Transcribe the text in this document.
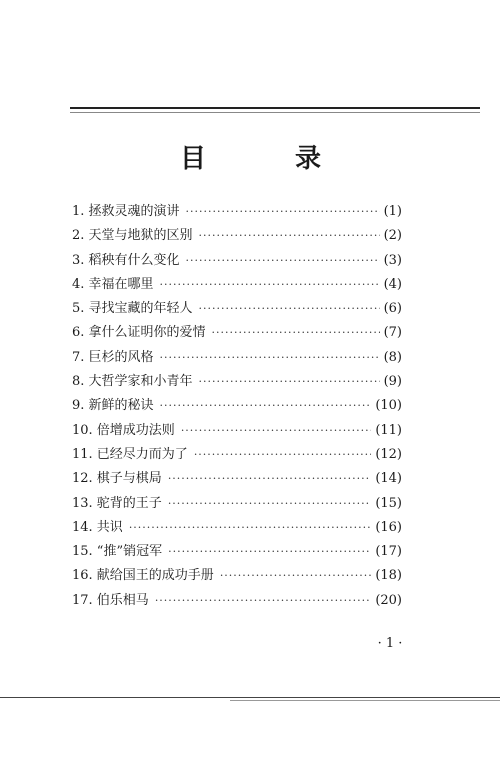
目	录
1. 拯救灵魂的演讲 ·····	(1)
2. 天堂与地狱的区别 ·····	(2)
3. 稻秧有什么变化 ·····	(3)
4. 幸福在哪里 ·····	(4)
5. 寻找宝藏的年轻人 ·····	(6)
6. 拿什么证明你的爱情 ·····	(7)
7. 巨杉的风格 ·····	(8)
8. 大哲学家和小青年 ·····	(9)
9. 新鲜的秘诀 ·····	(10)
10. 倍增成功法则 ·····	(11)
11. 已经尽力而为了 ·····	(12)
12. 棋子与棋局 ·····	(14)
13. 驼背的王子 ·····	(15)
14. 共识 ·····	(16)
15. “推”销冠军 ·····	(17)
16. 献给国王的成功手册 ·····	(18)
17. 伯乐相马 ·····	(20)
· 1 ·
